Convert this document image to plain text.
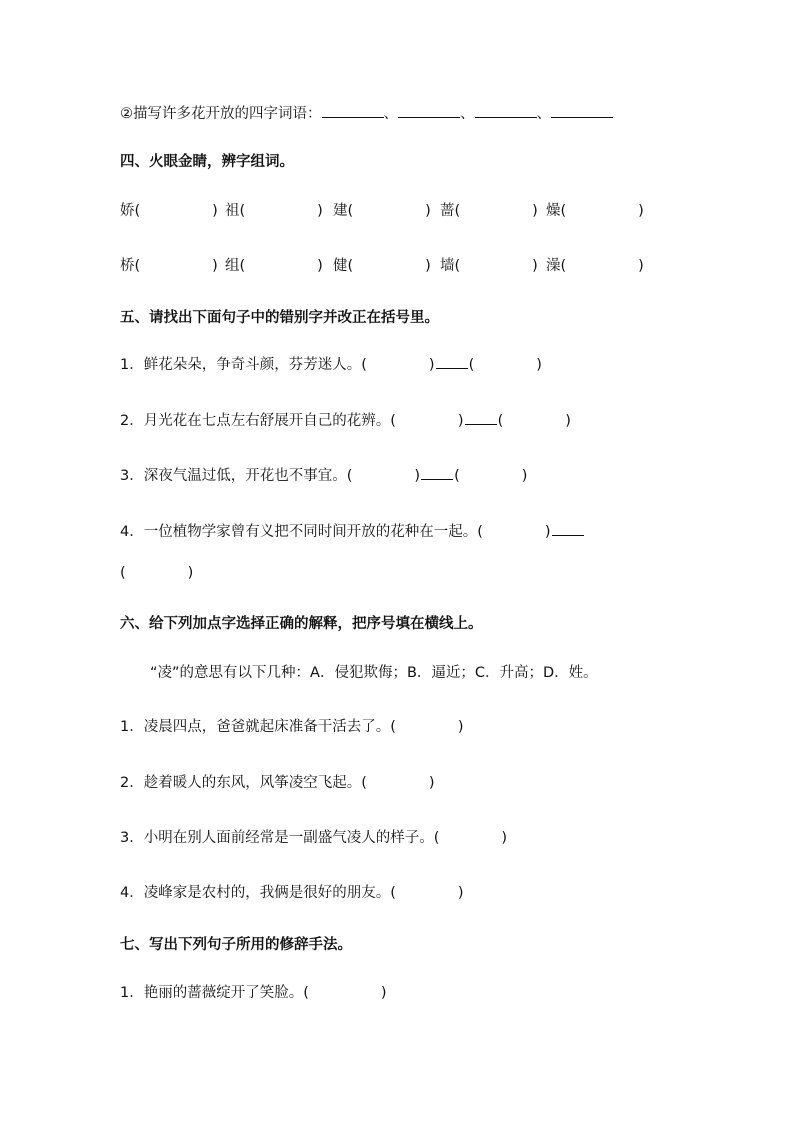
②描写许多花开放的四字词语：	、	、	、
四、火眼金睛，辨字组词。
娇(	) 祖(	) 建(	) 蔷(	) 燥(	)
桥(	) 组(	) 健(	) 墙(	) 澡(	)
五、请找出下面句子中的错别字并改正在括号里。
1．鲜花朵朵，争奇斗颜，芬芳迷人。(	) (	)
2．月光花在七点左右舒展开自己的花辨。(	) (	)
3．深夜气温过低，开花也不事宜。(	) (	)
4．一位植物学家曾有义把不同时间开放的花种在一起。(	)
(	)
六、给下列加点字选择正确的解释，把序号填在横线上。
“凌”的意思有以下几种：A．侵犯欺侮；B．逼近；C．升高；D．姓。
1．凌晨四点，爸爸就起床准备干活去了。(	)
2．趁着暖人的东风，风筝凌空飞起。(	)
3．小明在别人面前经常是一副盛气凌人的样子。(	)
4．凌峰家是农村的，我俩是很好的朋友。(	)
七、写出下列句子所用的修辞手法。
1．艳丽的蔷薇绽开了笑脸。(	)
